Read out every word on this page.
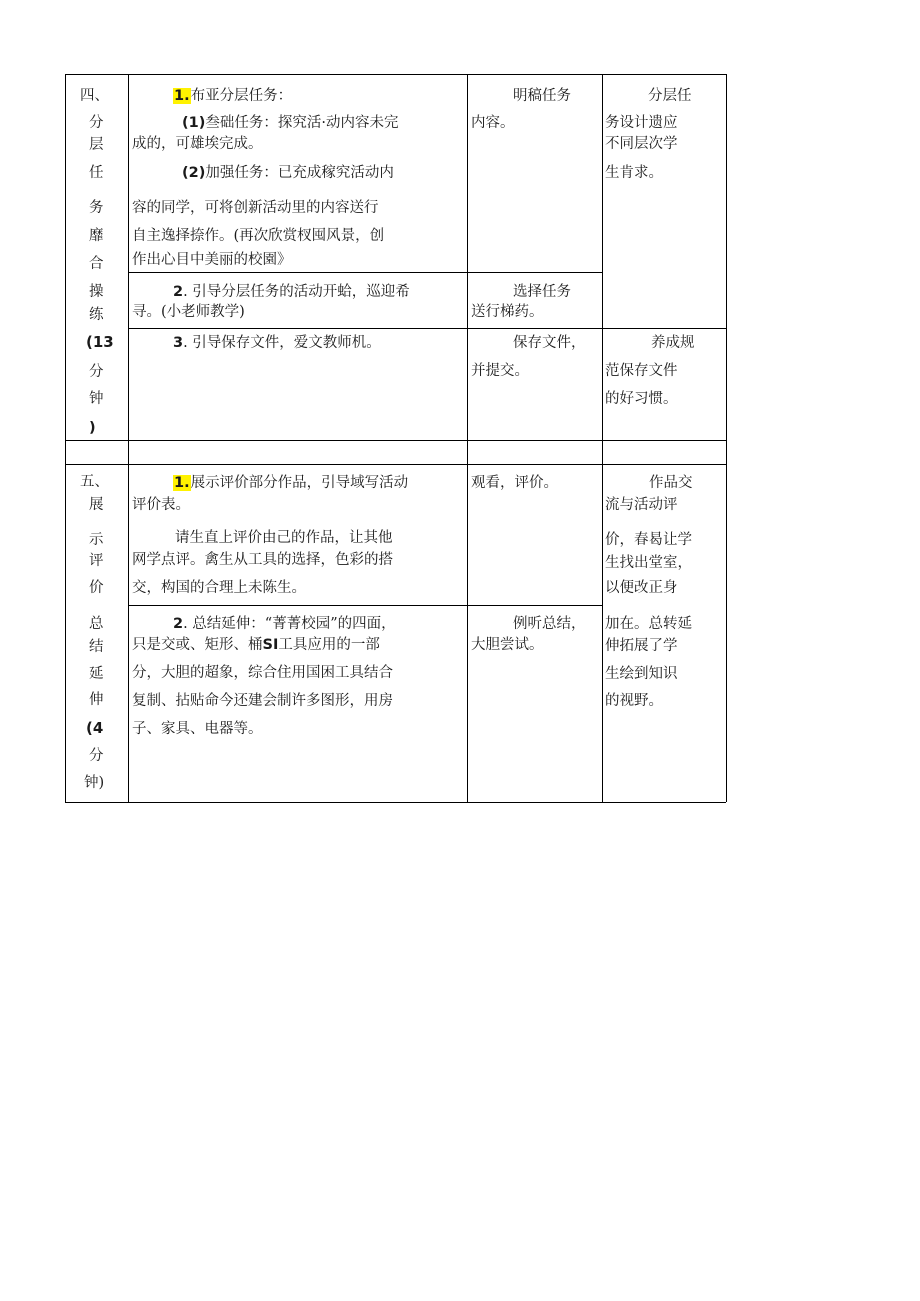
四、
分
层
任
务
靡
合
操
练
(13
分
钟
)
1.布亚分层任务：
(1)叁础任务：探究活·动内容未完
成的，可雄埃完成。
(2)加强任务：已充成稼究活动内
容的同学，可将创新活动里的内容送行
自主逸择捺作。(再次欣赏杈囤风景，创
作出心目中美丽的校園》
明稿任务
内容。
2. 引导分层任务的活动开蛤，巡迎希
寻。(小老师教学)
选择任务
送行梯药。
3. 引导保存文件，爱文教师机。	保存文件，
并提交。
分层任
务设计遗应
不同层次学
生肯求。
养成规
范保存文件
的好习惯。
五、
展
示
评
价
总
结
延
伸
(4
分
钟)
1.展示评价部分作品，引导域写活动
评价表。
请生直上评价由己的作品，让其他
网学点评。禽生从工具的选择，色彩的搭
交，构国的合理上未陈生。
观看，评价。
2. 总结延伸：“菁菁校园”的四面，
只是交或、矩形、桶SI工具应用的一部
分，大胆的超象，综合住用国困工具结合
复制、拈贴命今还建会制许多图形，用房
子、家具、电器等。
例听总结，
大胆尝试。
作品交
流与活动评
价，春曷让学
生找出堂室，
以便改正身
加在。总转延
伸拓展了学
生绘到知识
的视野。
